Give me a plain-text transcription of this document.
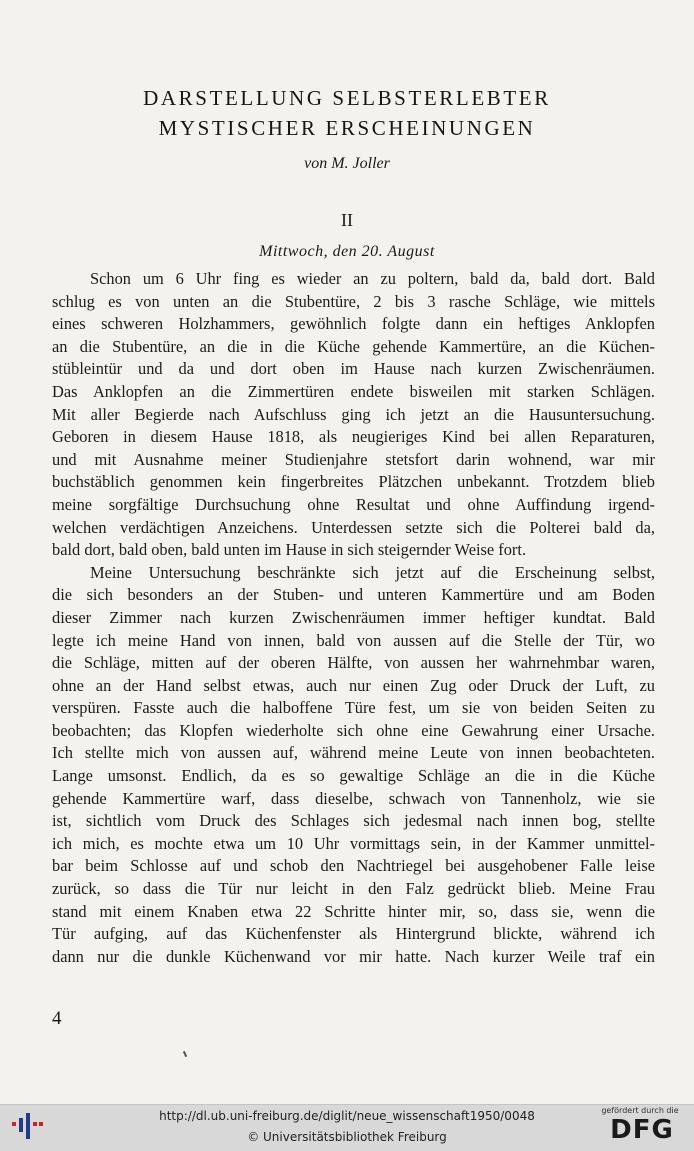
DARSTELLUNG SELBSTERLEBTER
MYSTISCHER ERSCHEINUNGEN
von M. Joller
II
Mittwoch, den 20. August
Schon um 6 Uhr fing es wieder an zu poltern, bald da, bald dort. Bald
schlug es von unten an die Stubentüre, 2 bis 3 rasche Schläge, wie mittels
eines schweren Holzhammers, gewöhnlich folgte dann ein heftiges Anklopfen
an die Stubentüre, an die in die Küche gehende Kammertüre, an die Küchen-
stübleintür und da und dort oben im Hause nach kurzen Zwischenräumen.
Das Anklopfen an die Zimmertüren endete bisweilen mit starken Schlägen.
Mit aller Begierde nach Aufschluss ging ich jetzt an die Hausuntersuchung.
Geboren in diesem Hause 1818, als neugieriges Kind bei allen Reparaturen,
und mit Ausnahme meiner Studienjahre stetsfort darin wohnend, war mir
buchstäblich genommen kein fingerbreites Plätzchen unbekannt. Trotzdem blieb
meine sorgfältige Durchsuchung ohne Resultat und ohne Auffindung irgend-
welchen verdächtigen Anzeichens. Unterdessen setzte sich die Polterei bald da,
bald dort, bald oben, bald unten im Hause in sich steigernder Weise fort.
Meine Untersuchung beschränkte sich jetzt auf die Erscheinung selbst,
die sich besonders an der Stuben- und unteren Kammertüre und am Boden
dieser Zimmer nach kurzen Zwischenräumen immer heftiger kundtat. Bald
legte ich meine Hand von innen, bald von aussen auf die Stelle der Tür, wo
die Schläge, mitten auf der oberen Hälfte, von aussen her wahrnehmbar waren,
ohne an der Hand selbst etwas, auch nur einen Zug oder Druck der Luft, zu
verspüren. Fasste auch die halboffene Türe fest, um sie von beiden Seiten zu
beobachten; das Klopfen wiederholte sich ohne eine Gewahrung einer Ursache.
Ich stellte mich von aussen auf, während meine Leute von innen beobachteten.
Lange umsonst. Endlich, da es so gewaltige Schläge an die in die Küche
gehende Kammertüre warf, dass dieselbe, schwach von Tannenholz, wie sie
ist, sichtlich vom Druck des Schlages sich jedesmal nach innen bog, stellte
ich mich, es mochte etwa um 10 Uhr vormittags sein, in der Kammer unmittel-
bar beim Schlosse auf und schob den Nachtriegel bei ausgehobener Falle leise
zurück, so dass die Tür nur leicht in den Falz gedrückt blieb. Meine Frau
stand mit einem Knaben etwa 22 Schritte hinter mir, so, dass sie, wenn die
Tür aufging, auf das Küchenfenster als Hintergrund blickte, während ich
dann nur die dunkle Küchenwand vor mir hatte. Nach kurzer Weile traf ein
4
http://dl.ub.uni-freiburg.de/diglit/neue_wissenschaft1950/0048
© Universitätsbibliothek Freiburg
gefördert durch die
DFG
